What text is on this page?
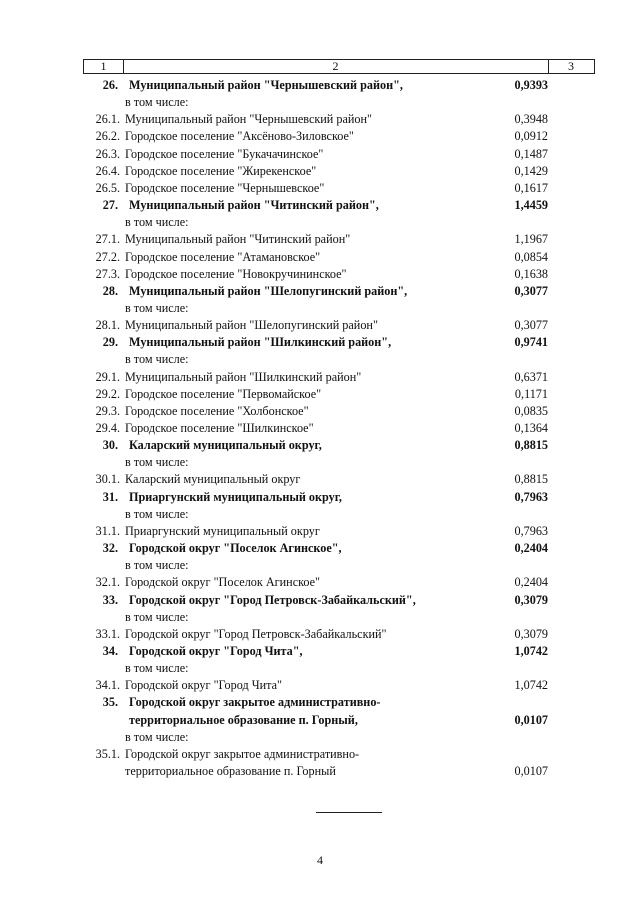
1	2	3
26. Муниципальный район "Чернышевский район",	0,9393
в том числе:
26.1. Муниципальный район "Чернышевский район"	0,3948
26.2. Городское поселение "Аксёново-Зиловское"	0,0912
26.3. Городское поселение "Букачачинское"	0,1487
26.4. Городское поселение "Жирекенское"	0,1429
26.5. Городское поселение "Чернышевское"	0,1617
27. Муниципальный район "Читинский район",	1,4459
в том числе:
27.1. Муниципальный район "Читинский район"	1,1967
27.2. Городское поселение "Атамановское"	0,0854
27.3. Городское поселение "Новокручининское"	0,1638
28. Муниципальный район "Шелопугинский район",	0,3077
в том числе:
28.1. Муниципальный район "Шелопугинский район"	0,3077
29. Муниципальный район "Шилкинский район",	0,9741
в том числе:
29.1. Муниципальный район "Шилкинский район"	0,6371
29.2. Городское поселение "Первомайское"	0,1171
29.3. Городское поселение "Холбонское"	0,0835
29.4. Городское поселение "Шилкинское"	0,1364
30. Каларский муниципальный округ,	0,8815
в том числе:
30.1. Каларский муниципальный округ	0,8815
31. Приаргунский муниципальный округ,	0,7963
в том числе:
31.1. Приаргунский муниципальный округ	0,7963
32. Городской округ "Поселок Агинское",	0,2404
в том числе:
32.1. Городской округ "Поселок Агинское"	0,2404
33. Городской округ "Город Петровск-Забайкальский",	0,3079
в том числе:
33.1. Городской округ "Город Петровск-Забайкальский"	0,3079
34. Городской округ "Город Чита",	1,0742
в том числе:
34.1. Городской округ "Город Чита"	1,0742
35. Городской округ закрытое административно-
территориальное образование п. Горный,	0,0107
в том числе:
35.1. Городской округ закрытое административно-
территориальное образование п. Горный	0,0107
4
